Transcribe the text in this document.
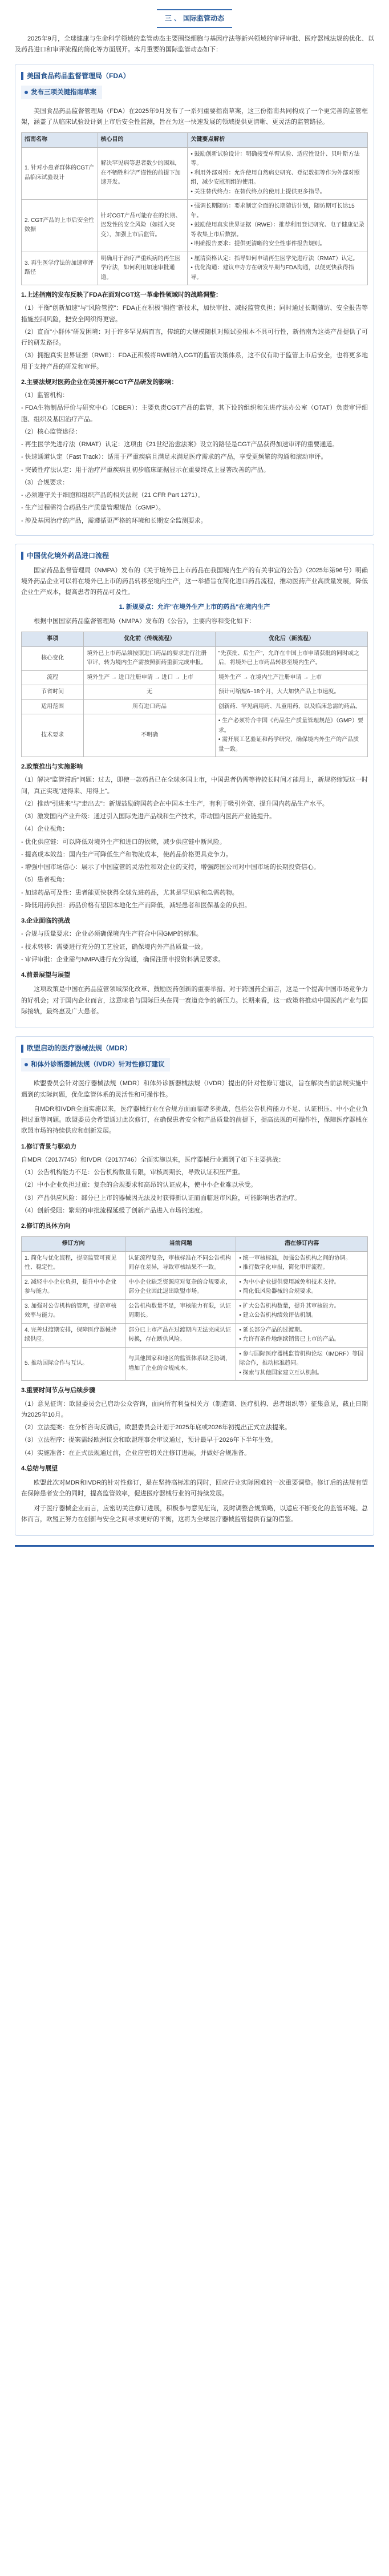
三 、 国际监管动态

2025年9月，全球健康与生命科学领域的监管动态主要围绕细胞与基因疗法等新兴领域的审评审批、医疗器械法规的优化、以及药品进口和审评流程的简化等方面展开。本月重要的国际监管动态如下：

美国食品药品监督管理局（FDA）
发布三项关键指南草案

美国食品药品监督管理局（FDA）在2025年9月发布了一系列重要指南草案，这三份指南共同构成了一个更完善的监管框架，涵盖了从临床试验设计到上市后安全性监测，旨在为这一快速发展的领域提供更清晰、更灵活的监管路径。

指南名称	核心目的	关键要点解析
1. 针对小患者群体的CGT产品临床试验设计	解决罕见病等患者数少的困难，在不牺牲科学严谨性的前提下加速开发。	• 鼓励创新试验设计：明确接受单臂试验、适应性设计、贝叶斯方法等。
• 利用外部对照：允许使用自然病史研究、登记数据等作为外部对照组，减少安慰剂组的使用。
• 关注替代终点：在替代终点的使用上提供更多指导。
2. CGT产品的上市后安全性数据	针对CGT产品可能存在的长期、迟发性的安全风险（如插入突变），加强上市后监管。	• 强调长期随访：要求制定全面的长期随访计划，随访期可长达15年。
• 鼓励使用真实世界证据（RWE）：推荐利用登记研究、电子健康记录等收集上市后数据。
• 明确报告要求：提供更清晰的安全性事件报告规则。
3. 再生医学疗法的加速审评路径	明确用于治疗严重疾病的再生医学疗法，如何利用加速审批通道。	• 厘清资格认定：指导如何申请再生医学先进疗法（RMAT）认定。
• 优化沟通：建议申办方在研发早期与FDA沟通，以便更快获得指导。
1.上述指南的发布反映了FDA在面对CGT这一革命性领域时的战略调整：
（1）平衡"创新加速"与"风险管控"：FDA正在积极"拥抱"新技术，加快审批、减轻监管负担；同时通过长期随访、安全报告等措施控制风险，把安全网织得更密。
（2）直面"小群体"研发困境：对于许多罕见病而言，传统的大规模随机对照试验根本不具可行性，新指南为这类产品提供了可行的研发路径。
（3）拥抱真实世界证据（RWE）：FDA正积极将RWE纳入CGT的监管决策体系，这不仅有助于监管上市后安全，也将更多地用于支持产品的研发和审评。
2.主要法规对医药企业在美国开展CGT产品研发的影响：
（1）监管机构：
- FDA生物制品评价与研究中心（CBER）：主要负责CGT产品的监管，其下设的组织和先进疗法办公室（OTAT）负责审评细胞、组织及基因治疗产品。
（2）核心监管途径：
- 再生医学先进疗法（RMAT）认定：这项由《21世纪治愈法案》设立的路径是CGT产品获得加速审评的重要通道。
- 快速通道认定（Fast Track）：适用于严重疾病且满足未满足医疗需求的产品，享受更频繁的沟通和滚动审评。
- 突破性疗法认定：用于治疗严重疾病且初步临床证据显示在重要终点上显著改善的产品。
（3）合规要求：
- 必须遵守关于细胞和组织产品的相关法规（21 CFR Part 1271）。
- 生产过程需符合药品生产质量管理规范（cGMP）。
- 涉及基因治疗的产品，需遵循更严格的环境和长期安全监测要求。
中国优化境外药品进口流程

国家药品监督管理局（NMPA）发布的《关于境外已上市药品在我国境内生产的有关事宜的公告》（2025年第96号）明确境外药品企业可以将在境外已上市的药品转移至境内生产，这一举措旨在简化进口药品流程，推动医药产业高质量发展，降低企业生产成本，提高患者的药品可及性。

1. 新规要点：允许"在境外生产上市的药品"在境内生产

根据中国国家药品监督管理局（NMPA）发布的《公告》，主要内容和变化如下：

事项	优化前（传统流程）	优化后（新流程）
核心变化	境外已上市药品须按照进口药品的要求进行注册审评，转为境内生产需按照新药重新完成申报。	"先获批、后生产"，允许在中国上市申请获批的同时或之后，将境外已上市药品转移至境内生产。
流程	境外生产 → 进口注册申请 → 进口 → 上市	境外生产 → 在境内生产注册申请 → 上市
节省时间	无	预计可缩短6~18个月，大大加快产品上市速度。
适用范围	所有进口药品	创新药、罕见病用药、儿童用药，以及临床急需的药品。
技术要求	不明确	• 生产必须符合中国《药品生产质量管理规范》（GMP）要求。
• 需开展工艺验证和药学研究，确保境内外生产的产品质量一致。
2.政策推出与实施影响
（1）解决"监管滞后"问题：过去，即使一款药品已在全球多国上市，中国患者仍需等待较长时间才能用上，新规将缩短这一时间，真正实现"进得来、用得上"。
（2）推动"引进来"与"走出去"：新规鼓励跨国药企在中国本土生产，有利于吸引外资、提升国内药品生产水平。
（3）激发国内产业升级：通过引入国际先进产品线和生产技术，带动国内医药产业链提升。
（4）企业视角：
- 优化供应链：可以降低对境外生产和进口的依赖，减少供应链中断风险。
- 提高成本效益：国内生产可降低生产和物流成本，使药品价格更具竞争力。
- 增强中国市场信心：展示了中国监管的灵活性和对企业的支持，增强跨国公司对中国市场的长期投资信心。
（5）患者视角：
- 加速药品可及性：患者能更快获得全球先进药品，尤其是罕见病和急需药物。
- 降低用药负担：药品价格有望因本地化生产而降低，减轻患者和医保基金的负担。
3.企业面临的挑战
- 合规与质量要求：企业必须确保境内生产符合中国GMP的标准。
- 技术转移：需要进行充分的工艺验证，确保境内外产品质量一致。
- 审评审批：企业需与NMPA进行充分沟通，确保注册申报资料满足要求。
4.前景展望与展望

这项政策是中国在药品监管领域深化改革、鼓励医药创新的重要举措。对于跨国药企而言，这是一个提高中国市场竞争力的好机会；对于国内企业而言，这意味着与国际巨头在同一赛道竞争的新压力。长期来看，这一政策将推动中国医药产业与国际接轨，最终惠及广大患者。

欧盟启动的医疗器械法规（MDR）
和体外诊断器械法规（IVDR）针对性修订建议

欧盟委员会针对医疗器械法规（MDR）和体外诊断器械法规（IVDR）提出的针对性修订建议，旨在解决当前法规实施中遇到的实际问题，优化监管体系的灵活性和可操作性。

自MDR和IVDR全面实施以来，医疗器械行业在合规方面面临诸多挑战，包括公告机构能力不足、认证积压、中小企业负担过重等问题。欧盟委员会希望通过此次修订，在确保患者安全和产品质量的前提下，提高法规的可操作性，保障医疗器械在欧盟市场的持续供应和创新发展。

1.修订背景与驱动力
自MDR（2017/745）和IVDR（2017/746）全面实施以来，医疗器械行业遇到了如下主要挑战：
（1）公告机构能力不足：公告机构数量有限，审核周期长，导致认证积压严重。
（2）中小企业负担过重：复杂的合规要求和高昂的认证成本，使中小企业难以承受。
（3）产品供应风险：部分已上市的器械因无法及时获得新认证而面临退市风险，可能影响患者治疗。
（4）创新受阻：繁琐的审批流程延缓了创新产品进入市场的速度。
2.修订的具体方向
修订方向	当前问题	潜在修订内容
1. 简化与优化流程，提高监管可预见性、稳定性。	认证流程复杂，审核标准在不同公告机构间存在差异，导致审核结果不一致。	• 统一审核标准，加强公告机构之间的协调。
• 推行数字化申报，简化审评流程。
2. 减轻中小企业负担，提升中小企业参与能力。	中小企业缺乏资源应对复杂的合规要求，部分企业因此退出欧盟市场。	• 为中小企业提供费用减免和技术支持。
• 简化低风险器械的合规要求。
3. 加强对公告机构的管理，提高审核效率与能力。	公告机构数量不足，审核能力有限，认证周期长。	• 扩大公告机构数量，提升其审核能力。
• 建立公告机构绩效评估机制。
4. 完善过渡期安排，保障医疗器械持续供应。	部分已上市产品在过渡期内无法完成认证转换，存在断供风险。	• 延长部分产品的过渡期。
• 允许有条件地继续销售已上市的产品。
5. 推动国际合作与互认。	与其他国家和地区的监管体系缺乏协调，增加了企业的合规成本。	• 参与国际医疗器械监管机构论坛（IMDRF）等国际合作，推动标准趋同。
• 探索与其他国家建立互认机制。
3.重要时间节点与后续步骤
（1）意见征询：欧盟委员会已启动公众咨询，面向所有利益相关方（制造商、医疗机构、患者组织等）征集意见，截止日期为2025年10月。
（2）立法提案：在分析咨询反馈后，欧盟委员会计划于2025年底或2026年初提出正式立法提案。
（3）立法程序：提案需经欧洲议会和欧盟理事会审议通过，预计最早于2026年下半年生效。
（4）实施准备：在正式法规通过前，企业应密切关注修订进展，并做好合规准备。
4.总结与展望

欧盟此次对MDR和IVDR的针对性修订，是在坚持高标准的同时，回应行业实际困难的一次重要调整。修订后的法规有望在保障患者安全的同时，提高监管效率，促进医疗器械行业的可持续发展。

对于医疗器械企业而言，应密切关注修订进展，积极参与意见征询，及时调整合规策略，以适应不断变化的监管环境。总体而言，欧盟正努力在创新与安全之间寻求更好的平衡，这将为全球医疗器械监管提供有益的借鉴。
